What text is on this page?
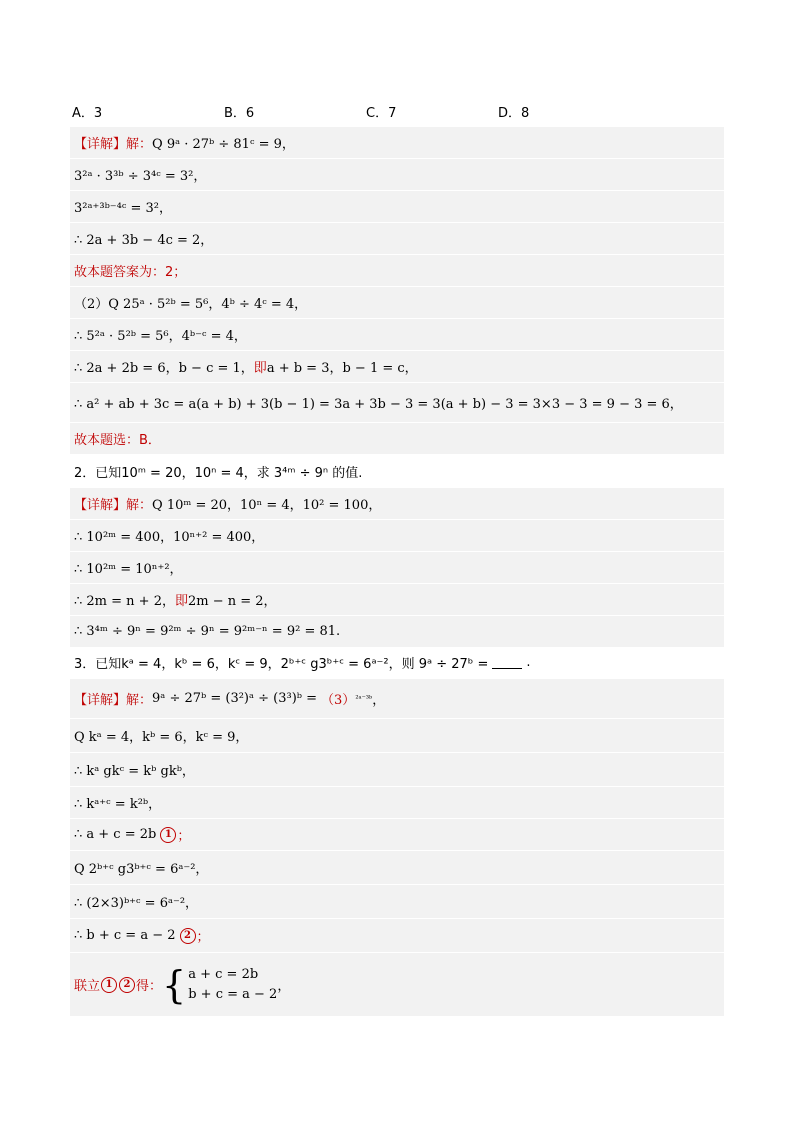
A．3	B．6	C．7	D．8
【详解】 解： Q 9ᵃ · 27ᵇ ÷ 81ᶜ = 9，
3²ᵃ · 3³ᵇ ÷ 3⁴ᶜ = 3²，
3²ᵃ⁺³ᵇ⁻⁴ᶜ = 3²，
∴ 2a + 3b − 4c = 2，
故本题答案为：2；
（2）Q 25ᵃ · 5²ᵇ = 5⁶，4ᵇ ÷ 4ᶜ = 4，
∴ 5²ᵃ · 5²ᵇ = 5⁶，4ᵇ⁻ᶜ = 4，
∴ 2a + 2b = 6，b − c = 1， 即 a + b = 3，b − 1 = c，
∴ a² + ab + 3c = a(a + b) + 3(b − 1) = 3a + 3b − 3 = 3(a + b) − 3 = 3×3 − 3 = 9 − 3 = 6，
故本题选：B．
2．已知10ᵐ = 20，10ⁿ = 4，求 3⁴ᵐ ÷ 9ⁿ 的值.
【详解】 解： Q 10ᵐ = 20，10ⁿ = 4，10² = 100，
∴ 10²ᵐ = 400，10ⁿ⁺² = 400，
∴ 10²ᵐ = 10ⁿ⁺²，
∴ 2m = n + 2， 即 2m − n = 2，
∴ 3⁴ᵐ ÷ 9ⁿ = 9²ᵐ ÷ 9ⁿ = 9²ᵐ⁻ⁿ = 9² = 81.
3．已知kᵃ = 4，kᵇ = 6，kᶜ = 9，2ᵇ⁺ᶜ g3ᵇ⁺ᶜ = 6ᵃ⁻²，则 9ᵃ ÷ 27ᵇ =	.
【详解】 解： 9ᵃ ÷ 27ᵇ = (3²)ᵃ ÷ (3³)ᵇ = （3） ²ᵃ⁻³ᵇ ，
Q kᵃ = 4，kᵇ = 6，kᶜ = 9，
∴ kᵃ gkᶜ = kᵇ gkᵇ，
∴ kᵃ⁺ᶜ = k²ᵇ，
∴ a + c = 2b 1 ；
Q 2ᵇ⁺ᶜ g3ᵇ⁺ᶜ = 6ᵃ⁻²，
∴ (2×3)ᵇ⁺ᶜ = 6ᵃ⁻²，
∴ b + c = a − 2 2 ；
联立 1	2 得： { a + c = 2b
b + c = a − 2 ，
